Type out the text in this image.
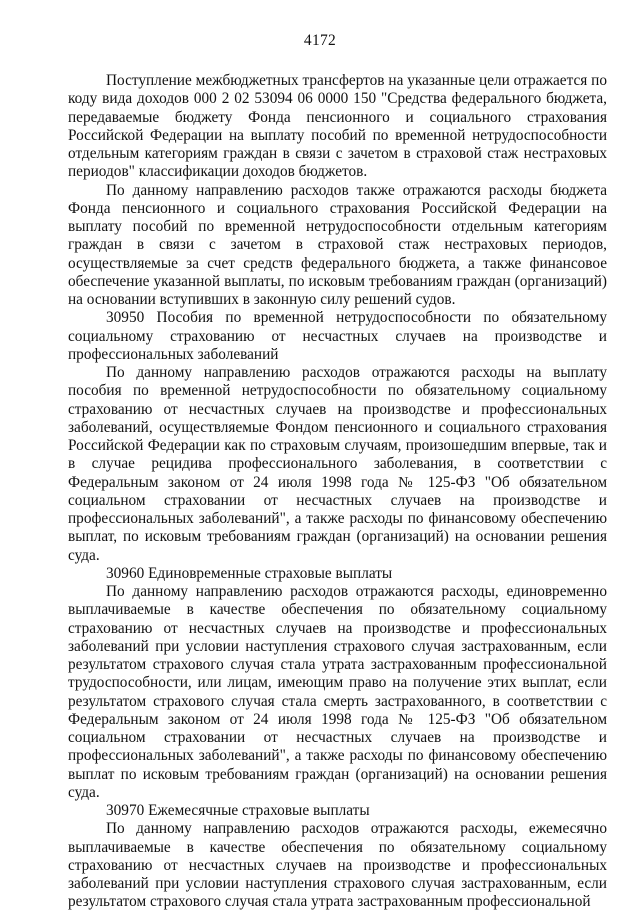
4172

Поступление межбюджетных трансфертов на указанные цели отражается по коду вида доходов 000 2 02 53094 06 0000 150 "Средства федерального бюджета, передаваемые бюджету Фонда пенсионного и социального страхования Российской Федерации на выплату пособий по временной нетрудоспособности отдельным категориям граждан в связи с зачетом в страховой стаж нестраховых периодов" классификации доходов бюджетов.

По данному направлению расходов также отражаются расходы бюджета Фонда пенсионного и социального страхования Российской Федерации на выплату пособий по временной нетрудоспособности отдельным категориям граждан в связи с зачетом в страховой стаж нестраховых периодов, осуществляемые за счет средств федерального бюджета, а также финансовое обеспечение указанной выплаты, по исковым требованиям граждан (организаций) на основании вступивших в законную силу решений судов.

30950 Пособия по временной нетрудоспособности по обязательному социальному страхованию от несчастных случаев на производстве и профессиональных заболеваний

По данному направлению расходов отражаются расходы на выплату пособия по временной нетрудоспособности по обязательному социальному страхованию от несчастных случаев на производстве и профессиональных заболеваний, осуществляемые Фондом пенсионного и социального страхования Российской Федерации как по страховым случаям, произошедшим впервые, так и в случае рецидива профессионального заболевания, в соответствии с Федеральным законом от 24 июля 1998 года № 125-ФЗ "Об обязательном социальном страховании от несчастных случаев на производстве и профессиональных заболеваний", а также расходы по финансовому обеспечению выплат, по исковым требованиям граждан (организаций) на основании решения суда.

30960 Единовременные страховые выплаты

По данному направлению расходов отражаются расходы, единовременно выплачиваемые в качестве обеспечения по обязательному социальному страхованию от несчастных случаев на производстве и профессиональных заболеваний при условии наступления страхового случая застрахованным, если результатом страхового случая стала утрата застрахованным профессиональной трудоспособности, или лицам, имеющим право на получение этих выплат, если результатом страхового случая стала смерть застрахованного, в соответствии с Федеральным законом от 24 июля 1998 года № 125-ФЗ "Об обязательном социальном страховании от несчастных случаев на производстве и профессиональных заболеваний", а также расходы по финансовому обеспечению выплат по исковым требованиям граждан (организаций) на основании решения суда.

30970 Ежемесячные страховые выплаты

По данному направлению расходов отражаются расходы, ежемесячно выплачиваемые в качестве обеспечения по обязательному социальному страхованию от несчастных случаев на производстве и профессиональных заболеваний при условии наступления страхового случая застрахованным, если результатом страхового случая стала утрата застрахованным профессиональной
